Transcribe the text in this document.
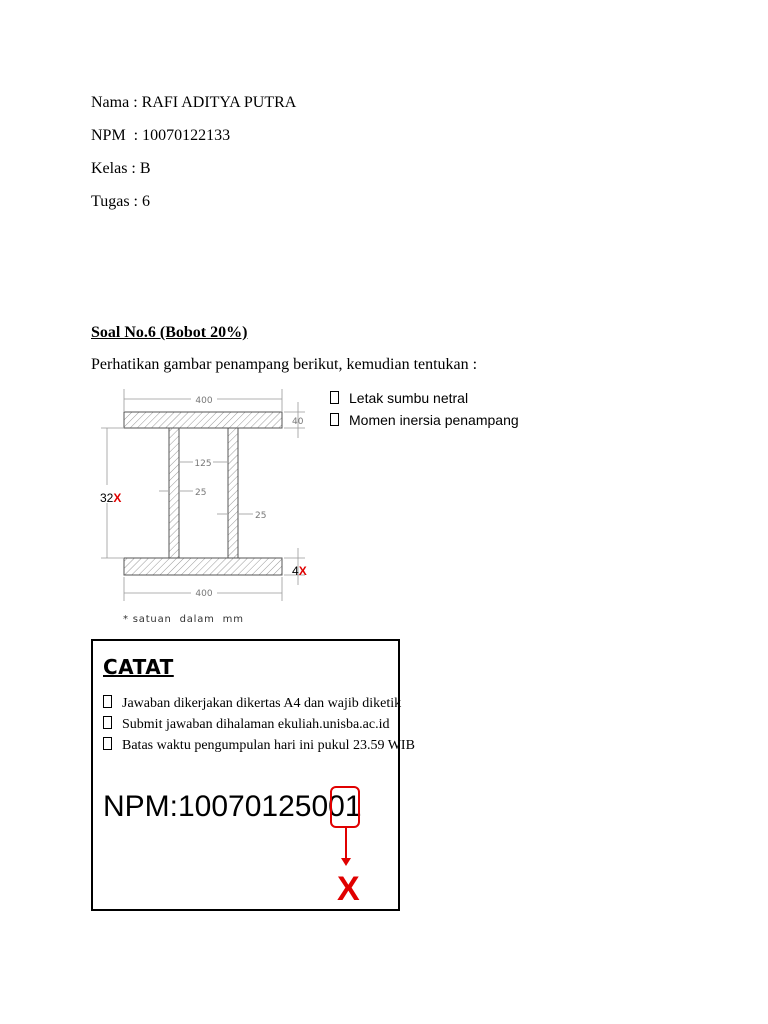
Nama : RAFI ADITYA PUTRA
NPM  : 10070122133
Kelas : B
Tugas : 6
Soal No.6 (Bobot 20%)
Perhatikan gambar penampang berikut, kemudian tentukan :
Letak sumbu netral
Momen inersia penampang
400
40
125
25
25
400
32X
4X
* satuan  dalam  mm
CATAT
Jawaban dikerjakan dikertas A4 dan wajib diketik
Submit jawaban dihalaman ekuliah.unisba.ac.id
Batas waktu pengumpulan hari ini pukul 23.59 WIB
NPM:10070125001
X
